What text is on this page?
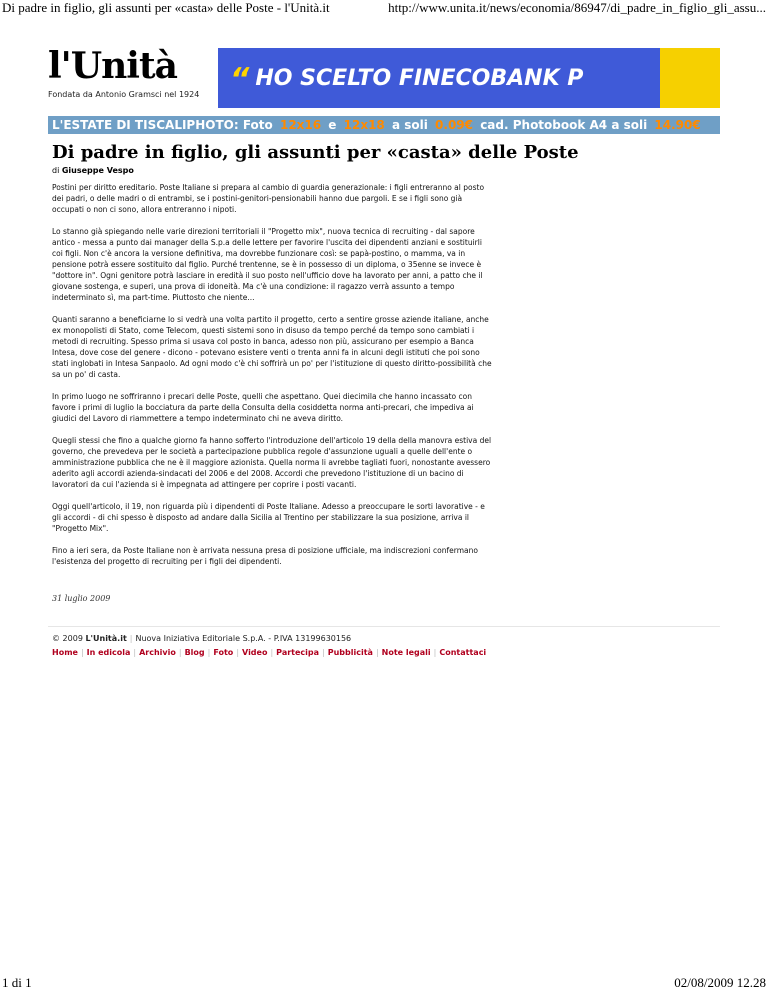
Di padre in figlio, gli assunti per «casta» delle Poste - l'Unità.it	http://www.unita.it/news/economia/86947/di_padre_in_figlio_gli_assu...
l'Unità
Fondata da Antonio Gramsci nel 1924 “ HO SCELTO FINECOBANK P
L'ESTATE DI TISCALIPHOTO: Foto 12x16 e 12x18 a soli 0.09€ cad. Photobook A4 a soli 14.90€
Di padre in figlio, gli assunti per «casta» delle Poste
di Giuseppe Vespo

Postini per diritto ereditario. Poste Italiane si prepara al cambio di guardia generazionale: i figli entreranno al posto dei padri, o delle madri o di entrambi, se i postini-genitori-pensionabili hanno due pargoli. E se i figli sono già occupati o non ci sono, allora entreranno i nipoti.

Lo stanno già spiegando nelle varie direzioni territoriali il "Progetto mix", nuova tecnica di recruiting - dal sapore antico - messa a punto dai manager della S.p.a delle lettere per favorire l'uscita dei dipendenti anziani e sostituirli coi figli. Non c'è ancora la versione definitiva, ma dovrebbe funzionare così: se papà-postino, o mamma, va in pensione potrà essere sostituito dal figlio. Purché trentenne, se è in possesso di un diploma, o 35enne se invece è "dottore in". Ogni genitore potrà lasciare in eredità il suo posto nell'ufficio dove ha lavorato per anni, a patto che il giovane sostenga, e superi, una prova di idoneità. Ma c'è una condizione: il ragazzo verrà assunto a tempo indeterminato sì, ma part-time. Piuttosto che niente...

Quanti saranno a beneficiarne lo si vedrà una volta partito il progetto, certo a sentire grosse aziende italiane, anche ex monopolisti di Stato, come Telecom, questi sistemi sono in disuso da tempo perché da tempo sono cambiati i metodi di recruiting. Spesso prima si usava col posto in banca, adesso non più, assicurano per esempio a Banca Intesa, dove cose del genere - dicono - potevano esistere venti o trenta anni fa in alcuni degli istituti che poi sono stati inglobati in Intesa Sanpaolo. Ad ogni modo c'è chi soffrirà un po' per l'istituzione di questo diritto-possibilità che sa un po' di casta.

In primo luogo ne soffriranno i precari delle Poste, quelli che aspettano. Quei diecimila che hanno incassato con favore i primi di luglio la bocciatura da parte della Consulta della cosiddetta norma anti-precari, che impediva ai giudici del Lavoro di riammettere a tempo indeterminato chi ne aveva diritto.

Quegli stessi che fino a qualche giorno fa hanno sofferto l'introduzione dell'articolo 19 della della manovra estiva del governo, che prevedeva per le società a partecipazione pubblica regole d'assunzione uguali a quelle dell'ente o amministrazione pubblica che ne è il maggiore azionista. Quella norma li avrebbe tagliati fuori, nonostante avessero aderito agli accordi azienda-sindacati del 2006 e del 2008. Accordi che prevedono l'istituzione di un bacino di lavoratori da cui l'azienda si è impegnata ad attingere per coprire i posti vacanti.

Oggi quell'articolo, il 19, non riguarda più i dipendenti di Poste Italiane. Adesso a preoccupare le sorti lavorative - e gli accordi - di chi spesso è disposto ad andare dalla Sicilia al Trentino per stabilizzare la sua posizione, arriva il "Progetto Mix".

Fino a ieri sera, da Poste Italiane non è arrivata nessuna presa di posizione ufficiale, ma indiscrezioni confermano l'esistenza del progetto di recruiting per i figli dei dipendenti.

31 luglio 2009
© 2009 L'Unità.it | Nuova Iniziativa Editoriale S.p.A. - P.IVA 13199630156
Home | In edicola | Archivio | Blog | Foto | Video | Partecipa | Pubblicità | Note legali | Contattaci
1 di 1	02/08/2009 12.28
